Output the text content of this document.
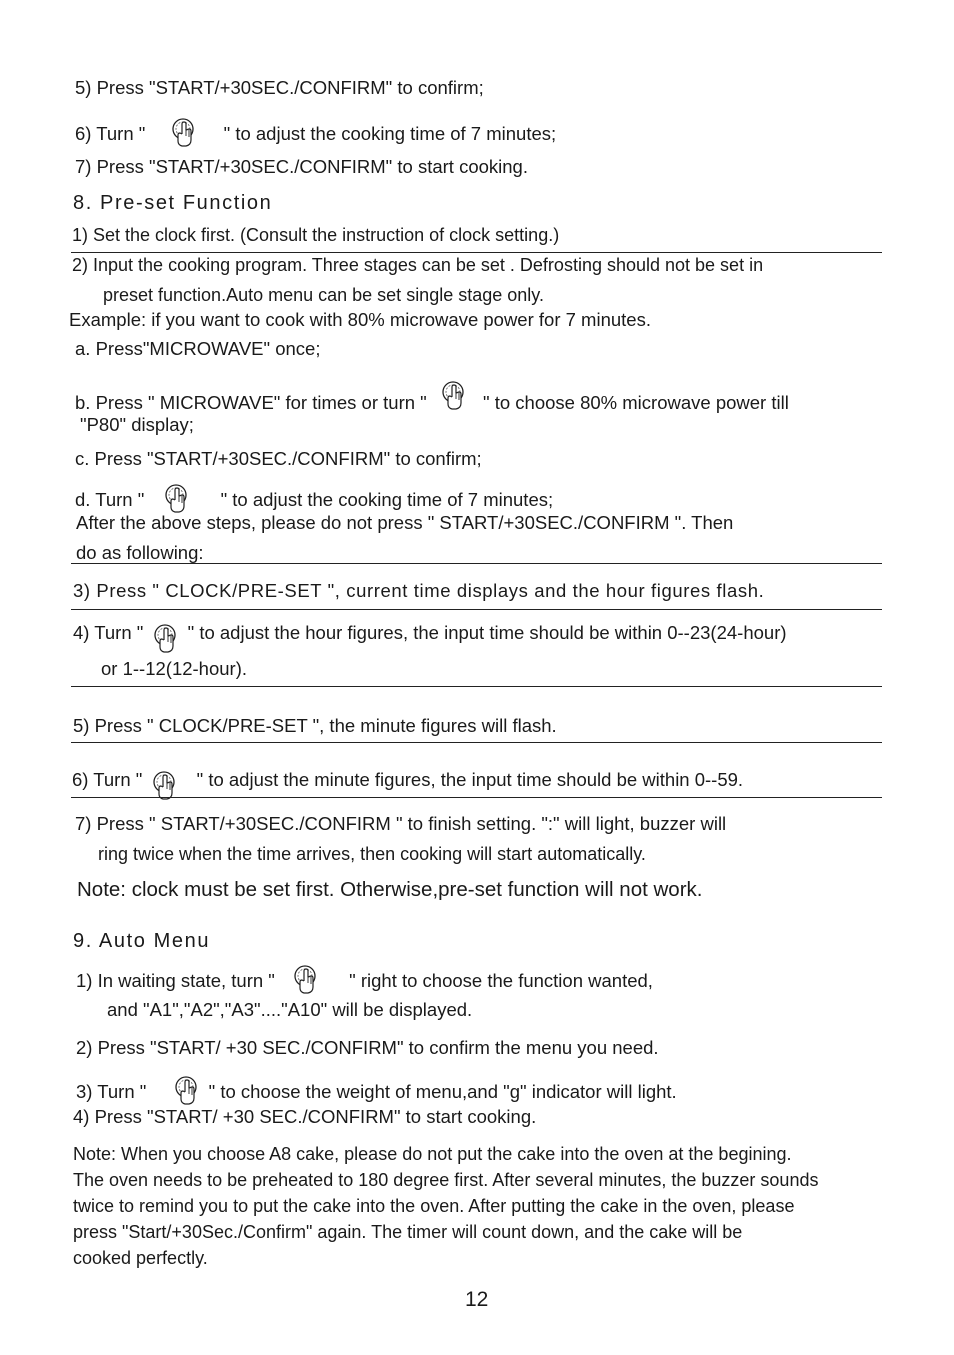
5) Press "START/+30SEC./CONFIRM" to confirm;
6) Turn "	" to adjust the cooking time of 7 minutes;
7) Press "START/+30SEC./CONFIRM" to start cooking.
8. Pre-set Function
1) Set the clock first. (Consult the instruction of clock setting.)
2) Input the cooking program. Three stages can be set . Defrosting should not be set in
preset function.Auto menu can be set single stage only.
Example: if you want to cook with 80% microwave power for 7 minutes.
a. Press"MICROWAVE" once;
b. Press " MICROWAVE" for times or turn "	" to choose 80% microwave power till
"P80" display;
c. Press "START/+30SEC./CONFIRM" to confirm;
d. Turn "	" to adjust the cooking time of 7 minutes;
After the above steps, please do not press " START/+30SEC./CONFIRM ". Then
do as following:
3) Press " CLOCK/PRE-SET ", current time displays and the hour figures flash.
4) Turn " " to adjust the hour figures, the input time should be within 0--23(24-hour)
or 1--12(12-hour).
5) Press " CLOCK/PRE-SET ", the minute figures will flash.
6) Turn "	" to adjust the minute figures, the input time should be within 0--59.
7) Press " START/+30SEC./CONFIRM " to finish setting. ":" will light, buzzer will
ring twice when the time arrives, then cooking will start automatically.
Note: clock must be set first. Otherwise,pre-set function will not work.
9. Auto Menu
1) In waiting state, turn "	" right to choose the function wanted,
and "A1","A2","A3"...."A10" will be displayed.
2) Press "START/ +30 SEC./CONFIRM" to confirm the menu you need.
3) Turn "	" to choose the weight of menu,and "g" indicator will light.
4) Press "START/ +30 SEC./CONFIRM" to start cooking.
Note: When you choose A8 cake, please do not put the cake into the oven at the begining.
The oven needs to be preheated to 180 degree first. After several minutes, the buzzer sounds
twice to remind you to put the cake into the oven. After putting the cake in the oven, please
press "Start/+30Sec./Confirm" again. The timer will count down, and the cake will be
cooked perfectly.
12
